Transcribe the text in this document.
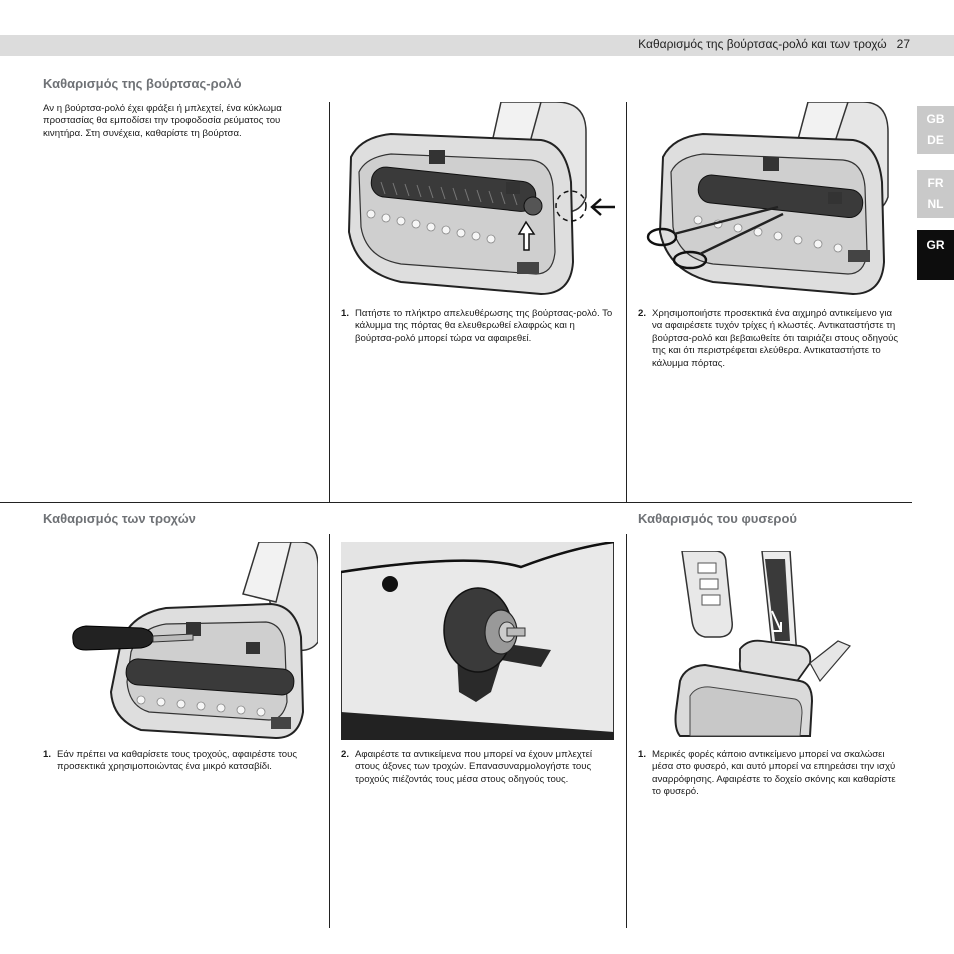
Καθαρισμός της βούρτσας-ρολό και των τροχώ 27
GB
DE
FR
NL
GR
Καθαρισμός της βούρτσας-ρολό
Αν η βούρτσα-ρολό έχει φράξει ή μπλεχτεί, ένα κύκλωμα προστασίας θα εμποδίσει την τροφοδοσία ρεύματος του κινητήρα. Στη συνέχεια, καθαρίστε τη βούρτσα.
1. Πατήστε το πλήκτρο απελευθέρωσης της βούρτσας-ρολό. Το κάλυμμα της πόρτας θα ελευθερωθεί ελαφρώς και η βούρτσα-ρολό μπορεί τώρα να αφαιρεθεί.
2. Χρησιμοποιήστε προσεκτικά ένα αιχμηρό αντικείμενο για να αφαιρέσετε τυχόν τρίχες ή κλωστές. Αντικαταστήστε τη βούρτσα-ρολό και βεβαιωθείτε ότι ταιριάζει στους οδηγούς της και ότι περιστρέφεται ελεύθερα. Αντικαταστήστε το κάλυμμα πόρτας.
Καθαρισμός των τροχών
1. Εάν πρέπει να καθαρίσετε τους τροχούς, αφαιρέστε τους προσεκτικά χρησιμοποιώντας ένα μικρό κατσαβίδι.
2. Αφαιρέστε τα αντικείμενα που μπορεί να έχουν μπλεχτεί στους άξονες των τροχών. Επανασυναρμολογήστε τους τροχούς πιέζοντάς τους μέσα στους οδηγούς τους.
Καθαρισμός του φυσερού
1. Μερικές φορές κάποιο αντικείμενο μπορεί να σκαλώσει μέσα στο φυσερό, και αυτό μπορεί να επηρεάσει την ισχύ αναρρόφησης. Αφαιρέστε το δοχείο σκόνης και καθαρίστε το φυσερό.
